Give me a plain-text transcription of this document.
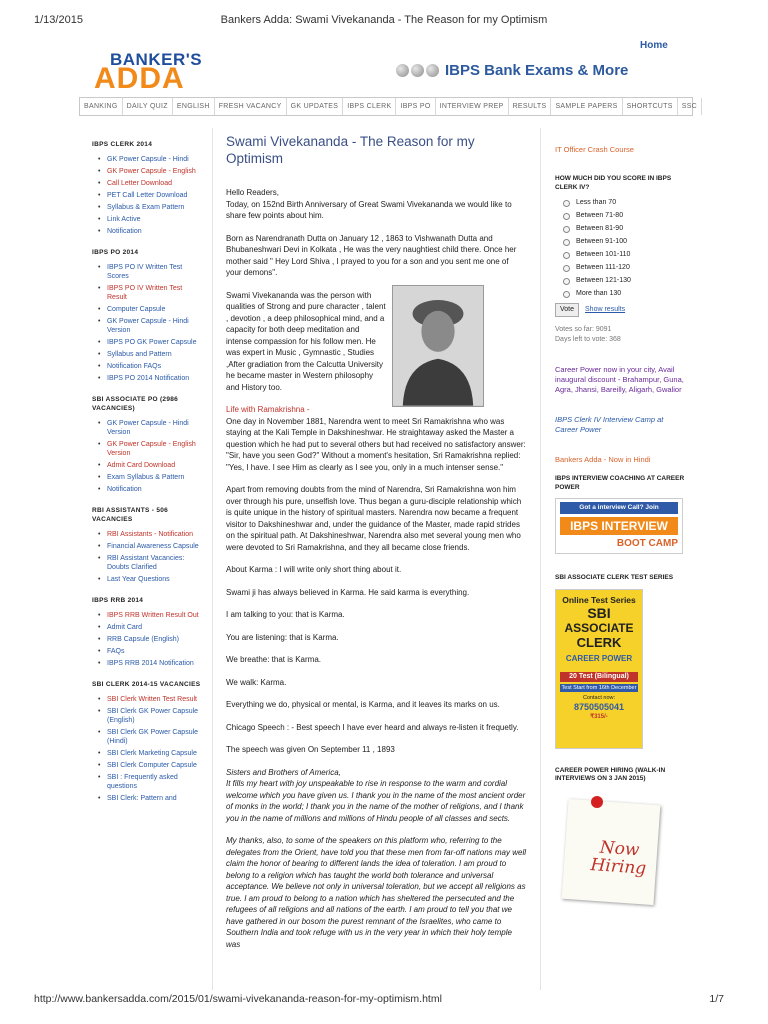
1/13/2015	Bankers Adda: Swami Vivekananda - The Reason for my Optimism
Home
BANKER'S
ADDA	IBPS Bank Exams & More
BANKING	DAILY QUIZ	ENGLISH	FRESH VACANCY	GK UPDATES	IBPS CLERK	IBPS PO	INTERVIEW PREP	RESULTS	SAMPLE PAPERS	SHORTCUTS	SSC
IBPS CLERK 2014
• GK Power Capsule - Hindi
• GK Power Capsule - English
• Call Letter Download
• PET Call Letter Download
• Syllabus & Exam Pattern
• Link Active
• Notification
IBPS PO 2014
• IBPS PO IV Written Test Scores
• IBPS PO IV Written Test Result
• Computer Capsule
• GK Power Capsule - Hindi Version
• IBPS PO GK Power Capsule
• Syllabus and Pattern
• Notification FAQs
• IBPS PO 2014 Notification
SBI ASSOCIATE PO (2986 VACANCIES)
• GK Power Capsule - Hindi Version
• GK Power Capsule - English Version
• Admit Card Download
• Exam Syllabus & Pattern
• Notification
RBI ASSISTANTS - 506 VACANCIES
• RBI Assistants - Notification
• Financial Awareness Capsule
• RBI Assistant Vacancies: Doubts Clarified
• Last Year Questions
IBPS RRB 2014
• IBPS RRB Written Result Out
• Admit Card
• RRB Capsule (English)
• FAQs
• IBPS RRB 2014 Notification
SBI CLERK 2014-15 VACANCIES
• SBI Clerk Written Test Result
• SBI Clerk GK Power Capsule (English)
• SBI Clerk GK Power Capsule (Hindi)
• SBI Clerk Marketing Capsule
• SBI Clerk Computer Capsule
• SBI : Frequently asked questions
• SBI Clerk: Pattern and
Swami Vivekananda - The Reason for my Optimism

Hello Readers,
Today, on 152nd Birth Anniversary of Great Swami Vivekananda we would like to share few points about him.

Born as Narendranath Dutta on January 12 , 1863 to Vishwanath Dutta and Bhubaneshwari Devi in Kolkata , He was the very naughtiest child there. Once her mother said " Hey Lord Shiva , I prayed to you for a son and you sent me one of your demons".

Swami Vivekananda was the person with qualities of Strong and pure character , talent , devotion , a deep philosophical mind, and a capacity for both deep meditation and intense compassion for his follow men. He was expert in Music , Gymnastic , Studies ,After gradiation from the Calcutta University he became master in Western philosophy and History too.

Life with Ramakrishna -

One day in November 1881, Narendra went to meet Sri Ramakrishna who was staying at the Kali Temple in Dakshineshwar. He straightaway asked the Master a question which he had put to several others but had received no satisfactory answer: "Sir, have you seen God?" Without a moment's hesitation, Sri Ramakrishna replied: "Yes, I have. I see Him as clearly as I see you, only in a much intenser sense."

Apart from removing doubts from the mind of Narendra, Sri Ramakrishna won him over through his pure, unselfish love. Thus began a guru-disciple relationship which is quite unique in the history of spiritual masters. Narendra now became a frequent visitor to Dakshineshwar and, under the guidance of the Master, made rapid strides on the spiritual path. At Dakshineshwar, Narendra also met several young men who were devoted to Sri Ramakrishna, and they all became close friends.

About Karma : I will write only short thing about it.

Swami ji has always believed in Karma. He said karma is everything.

I am talking to you: that is Karma.

You are listening: that is Karma.

We breathe: that is Karma.

We walk: Karma.

Everything we do, physical or mental, is Karma, and it leaves its marks on us.

Chicago Speech : - Best speech I have ever heard and always re-listen it frequetly.

The speech was given On September 11 , 1893

Sisters and Brothers of America,
It fills my heart with joy unspeakable to rise in response to the warm and cordial welcome which you have given us. I thank you in the name of the most ancient order of monks in the world; I thank you in the name of the mother of religions, and I thank you in the name of millions and millions of Hindu people of all classes and sects.

My thanks, also, to some of the speakers on this platform who, referring to the delegates from the Orient, have told you that these men from far-off nations may well claim the honor of bearing to different lands the idea of toleration. I am proud to belong to a religion which has taught the world both tolerance and universal acceptance. We believe not only in universal toleration, but we accept all religions as true. I am proud to belong to a nation which has sheltered the persecuted and the refugees of all religions and all nations of the earth. I am proud to tell you that we have gathered in our bosom the purest remnant of the Israelites, who came to Southern India and took refuge with us in the very year in which their holy temple was

IT Officer Crash Course
HOW MUCH DID YOU SCORE IN IBPS CLERK IV?
Less than 70
Between 71-80
Between 81-90
Between 91-100
Between 101-110
Between 111-120
Between 121-130
More than 130
Vote	Show results
Votes so far: 9091
Days left to vote: 368
Career Power now in your city, Avail inaugural discount - Brahampur, Guna, Agra, Jhansi, Bareilly, Aligarh, Gwalior
IBPS Clerk IV Interview Camp at Career Power
Bankers Adda - Now in Hindi
IBPS INTERVIEW COACHING AT CAREER POWER
Got a interview Call? Join
IBPS INTERVIEW
BOOT CAMP
SBI ASSOCIATE CLERK TEST SERIES
Online Test Series
SBI
ASSOCIATE
CLERK
CAREER POWER
20 Test (Bilingual)
Test Start from 16th December
Contact now:
8750505041
₹315/-
CAREER POWER HIRING (WALK-IN INTERVIEWS ON 3 JAN 2015)
Now Hiring
http://www.bankersadda.com/2015/01/swami-vivekananda-reason-for-my-optimism.html	1/7
